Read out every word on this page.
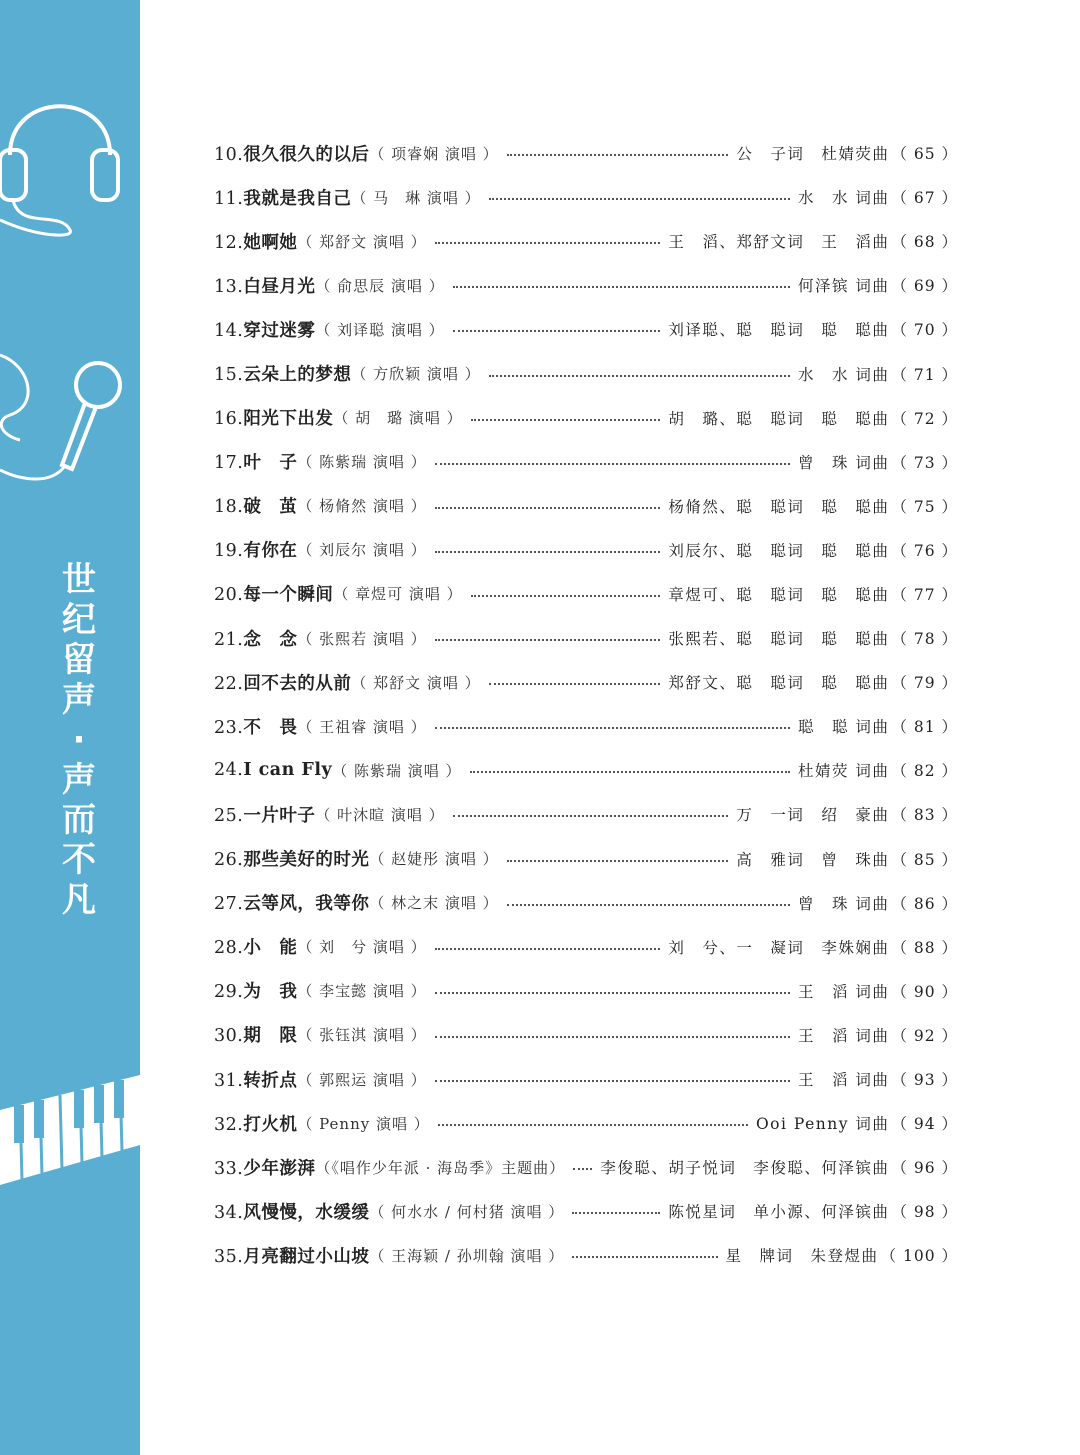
世
纪
留
声
·
声
而
不
凡
10.很久很久的以后 （ 项睿娴 演唱 ）	公　子词　杜婧荧曲 （ 65 ）
11.我就是我自己 （ 马　琳 演唱 ）	水　水 词曲 （ 67 ）
12.她啊她 （ 郑舒文 演唱 ）	王　滔、郑舒文词　王　滔曲 （ 68 ）
13.白昼月光 （ 俞思辰 演唱 ）	何泽镔 词曲 （ 69 ）
14.穿过迷雾 （ 刘译聪 演唱 ）	刘译聪、聪　聪词　聪　聪曲 （ 70 ）
15.云朵上的梦想 （ 方欣颖 演唱 ）	水　水 词曲 （ 71 ）
16.阳光下出发 （ 胡　璐 演唱 ）	胡　璐、聪　聪词　聪　聪曲 （ 72 ）
17.叶　子 （ 陈紫瑞 演唱 ）	曾　珠 词曲 （ 73 ）
18.破　茧 （ 杨脩然 演唱 ）	杨脩然、聪　聪词　聪　聪曲 （ 75 ）
19.有你在 （ 刘辰尔 演唱 ）	刘辰尔、聪　聪词　聪　聪曲 （ 76 ）
20.每一个瞬间 （ 章煜可 演唱 ）	章煜可、聪　聪词　聪　聪曲 （ 77 ）
21.念　念 （ 张熙若 演唱 ）	张熙若、聪　聪词　聪　聪曲 （ 78 ）
22.回不去的从前 （ 郑舒文 演唱 ）	郑舒文、聪　聪词　聪　聪曲 （ 79 ）
23.不　畏 （ 王祖睿 演唱 ）	聪　聪 词曲 （ 81 ）
24.I can Fly （ 陈紫瑞 演唱 ）	杜婧荧 词曲 （ 82 ）
25.一片叶子 （ 叶沐暄 演唱 ）	万　一词　绍　豪曲 （ 83 ）
26.那些美好的时光 （ 赵婕彤 演唱 ）	高　雅词　曾　珠曲 （ 85 ）
27.云等风，我等你 （ 林之末 演唱 ）	曾　珠 词曲 （ 86 ）
28.小　能 （ 刘　兮 演唱 ）	刘　兮、一　凝词　李姝娴曲 （ 88 ）
29.为　我 （ 李宝懿 演唱 ）	王　滔 词曲 （ 90 ）
30.期　限 （ 张钰淇 演唱 ）	王　滔 词曲 （ 92 ）
31.转折点 （ 郭熙运 演唱 ）	王　滔 词曲 （ 93 ）
32.打火机 （ Penny 演唱 ）	Ooi Penny 词曲 （ 94 ）
33.少年澎湃 （《唱作少年派 · 海岛季》主题曲） 李俊聪、胡子悦词　李俊聪、何泽镔曲 （ 96 ）
34.风慢慢，水缓缓 （ 何水水 / 何村猪 演唱 ）	陈悦星词　单小源、何泽镔曲 （ 98 ）
35.月亮翻过小山坡 （ 王海颖 / 孙圳翰 演唱 ）	星　牌词　朱登煜曲 （ 100 ）
